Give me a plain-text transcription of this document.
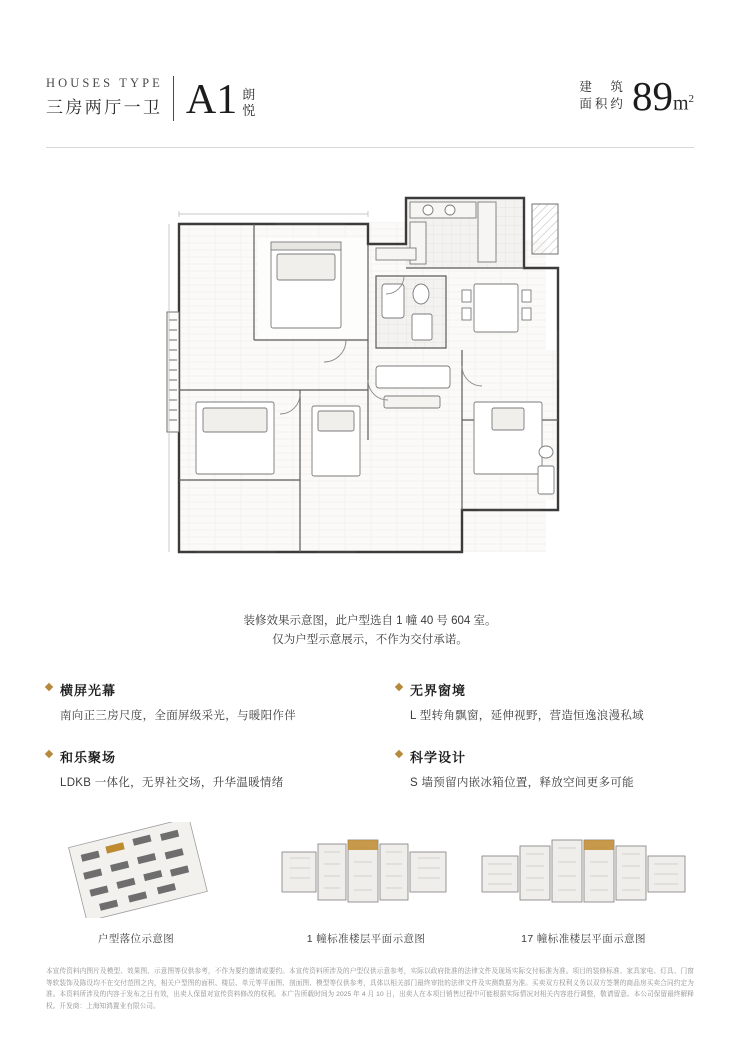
HOUSES TYPE
三房两厅一卫 A1 朗
悦
建　筑
面积约 89 $m^2$
装修效果示意图，此户型选自 1 幢 40 号 604 室。
仅为户型示意展示，不作为交付承诺。
横屏光幕
南向正三房尺度，全面屏级采光，与暖阳作伴
无界窗境
L 型转角飘窗，延伸视野，营造恒逸浪漫私域
和乐聚场
LDKB 一体化，无界社交场，升华温暖情绪
科学设计
S 墙预留内嵌冰箱位置，释放空间更多可能
户型落位示意图	1 幢标准楼层平面示意图	17 幢标准楼层平面示意图

本宣传资料内图片及模型、效果图、示意图等仅供参考，不作为要约邀请或要约。本宣传资料所涉及的户型仅供示意参考，实际以政府批准的法律文件及现场实际交付标准为准。项目的装修标准、家具家电、灯具、门窗等软装饰及陈设均不在交付范围之内，相关户型图的面积、楼层、单元等平面图、剖面图、模型等仅供参考，具体以相关部门最终审批的法律文件及实测数据为准。买卖双方权利义务以双方签署的商品房买卖合同约定为准。本资料所涉及的内容于发布之日有效，出卖人保留对宣传资料修改的权利。本广告所载时间为 2025 年 4 月 10 日，出卖人在本项目销售过程中可能根据实际情况对相关内容进行调整，敬请留意。本公司保留最终解释权。开发商：上海知鸿置业有限公司。
